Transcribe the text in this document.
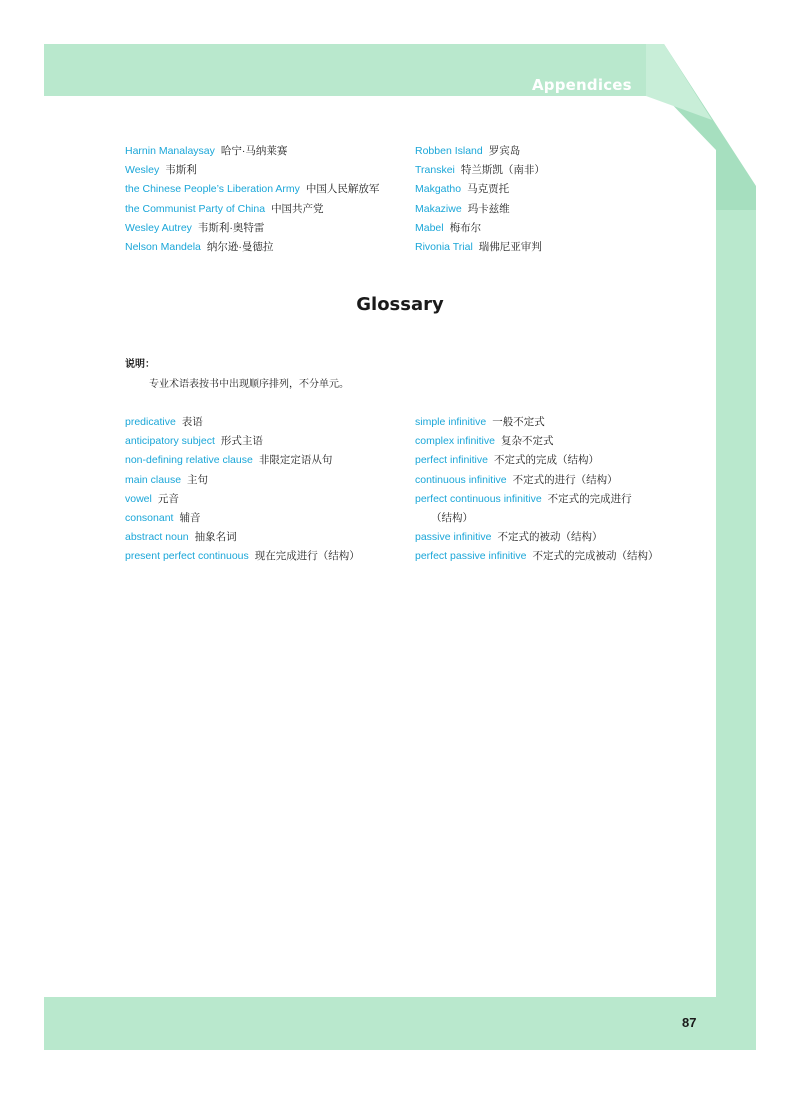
Appendices
Harnin Manalaysay 哈宁·马纳莱赛
Wesley 韦斯利
the Chinese People’s Liberation Army 中国人民解放军
the Communist Party of China 中国共产党
Wesley Autrey 韦斯利·奥特雷
Nelson Mandela 纳尔逊·曼德拉
Robben Island 罗宾岛
Transkei 特兰斯凯（南非）
Makgatho 马克贾托
Makaziwe 玛卡兹维
Mabel 梅布尔
Rivonia Trial 瑞佛尼亚审判
Glossary
说明：
专业术语表按书中出现顺序排列，不分单元。
predicative 表语
anticipatory subject 形式主语
non-defining relative clause 非限定定语从句
main clause 主句
vowel 元音
consonant 辅音
abstract noun 抽象名词
present perfect continuous 现在完成进行（结构）
simple infinitive 一般不定式
complex infinitive 复杂不定式
perfect infinitive 不定式的完成（结构）
continuous infinitive 不定式的进行（结构）
perfect continuous infinitive 不定式的完成进行
（结构）
passive infinitive 不定式的被动（结构）
perfect passive infinitive 不定式的完成被动（结构）
87
